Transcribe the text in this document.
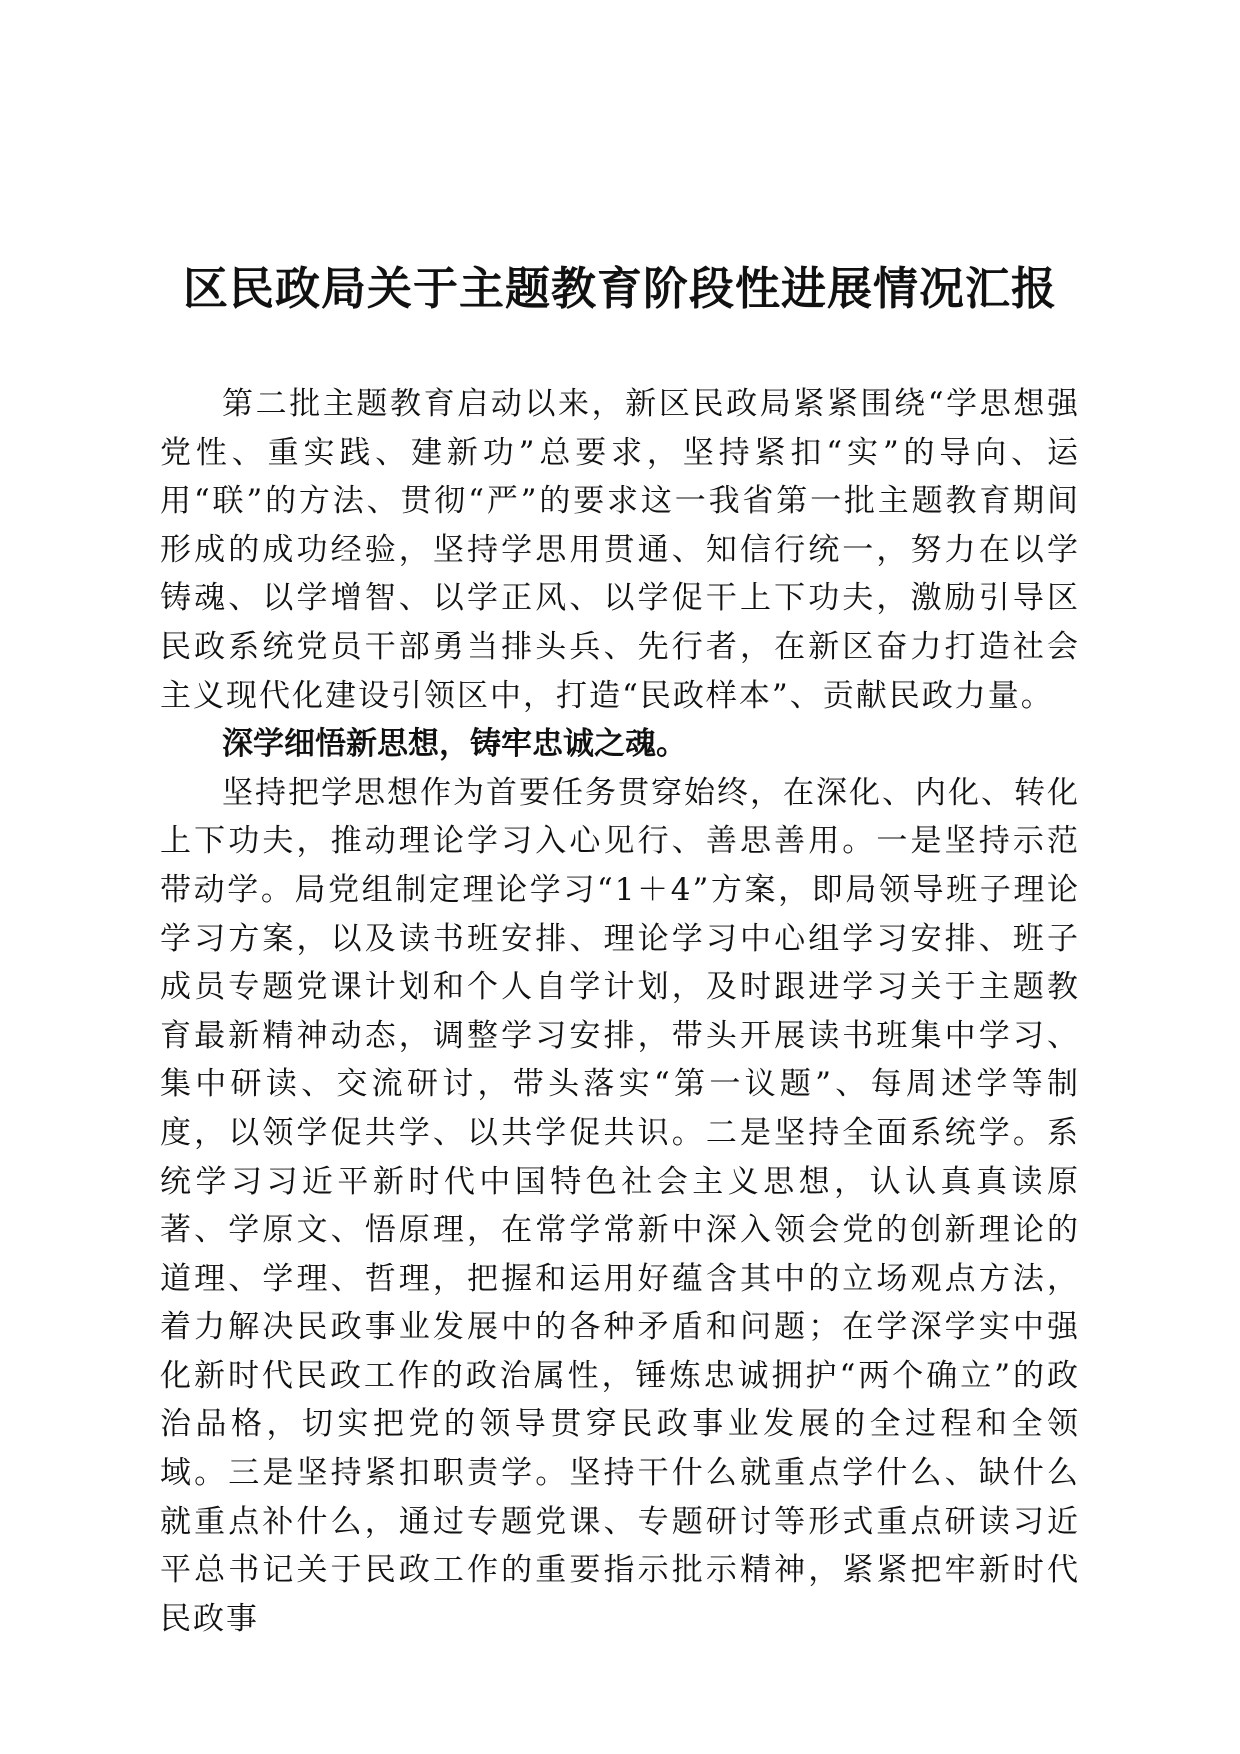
区民政局关于主题教育阶段性进展情况汇报

第二批主题教育启动以来，新区民政局紧紧围绕“学思想强党性、重实践、建新功”总要求，坚持紧扣“实”的导向、运用“联”的方法、贯彻“严”的要求这一我省第一批主题教育期间形成的成功经验，坚持学思用贯通、知信行统一，努力在以学铸魂、以学增智、以学正风、以学促干上下功夫，激励引导区民政系统党员干部勇当排头兵、先行者，在新区奋力打造社会主义现代化建设引领区中，打造“民政样本”、贡献民政力量。

深学细悟新思想，铸牢忠诚之魂。

坚持把学思想作为首要任务贯穿始终，在深化、内化、转化上下功夫，推动理论学习入心见行、善思善用。一是坚持示范带动学。局党组制定理论学习“1＋4”方案，即局领导班子理论学习方案，以及读书班安排、理论学习中心组学习安排、班子成员专题党课计划和个人自学计划，及时跟进学习关于主题教育最新精神动态，调整学习安排，带头开展读书班集中学习、集中研读、交流研讨，带头落实“第一议题”、每周述学等制度，以领学促共学、以共学促共识。二是坚持全面系统学。系统学习习近平新时代中国特色社会主义思想，认认真真读原著、学原文、悟原理，在常学常新中深入领会党的创新理论的道理、学理、哲理，把握和运用好蕴含其中的立场观点方法，着力解决民政事业发展中的各种矛盾和问题；在学深学实中强化新时代民政工作的政治属性，锤炼忠诚拥护“两个确立”的政治品格，切实把党的领导贯穿民政事业发展的全过程和全领域。三是坚持紧扣职责学。坚持干什么就重点学什么、缺什么就重点补什么，通过专题党课、专题研讨等形式重点研读习近平总书记关于民政工作的重要指示批示精神，紧紧把牢新时代民政事
